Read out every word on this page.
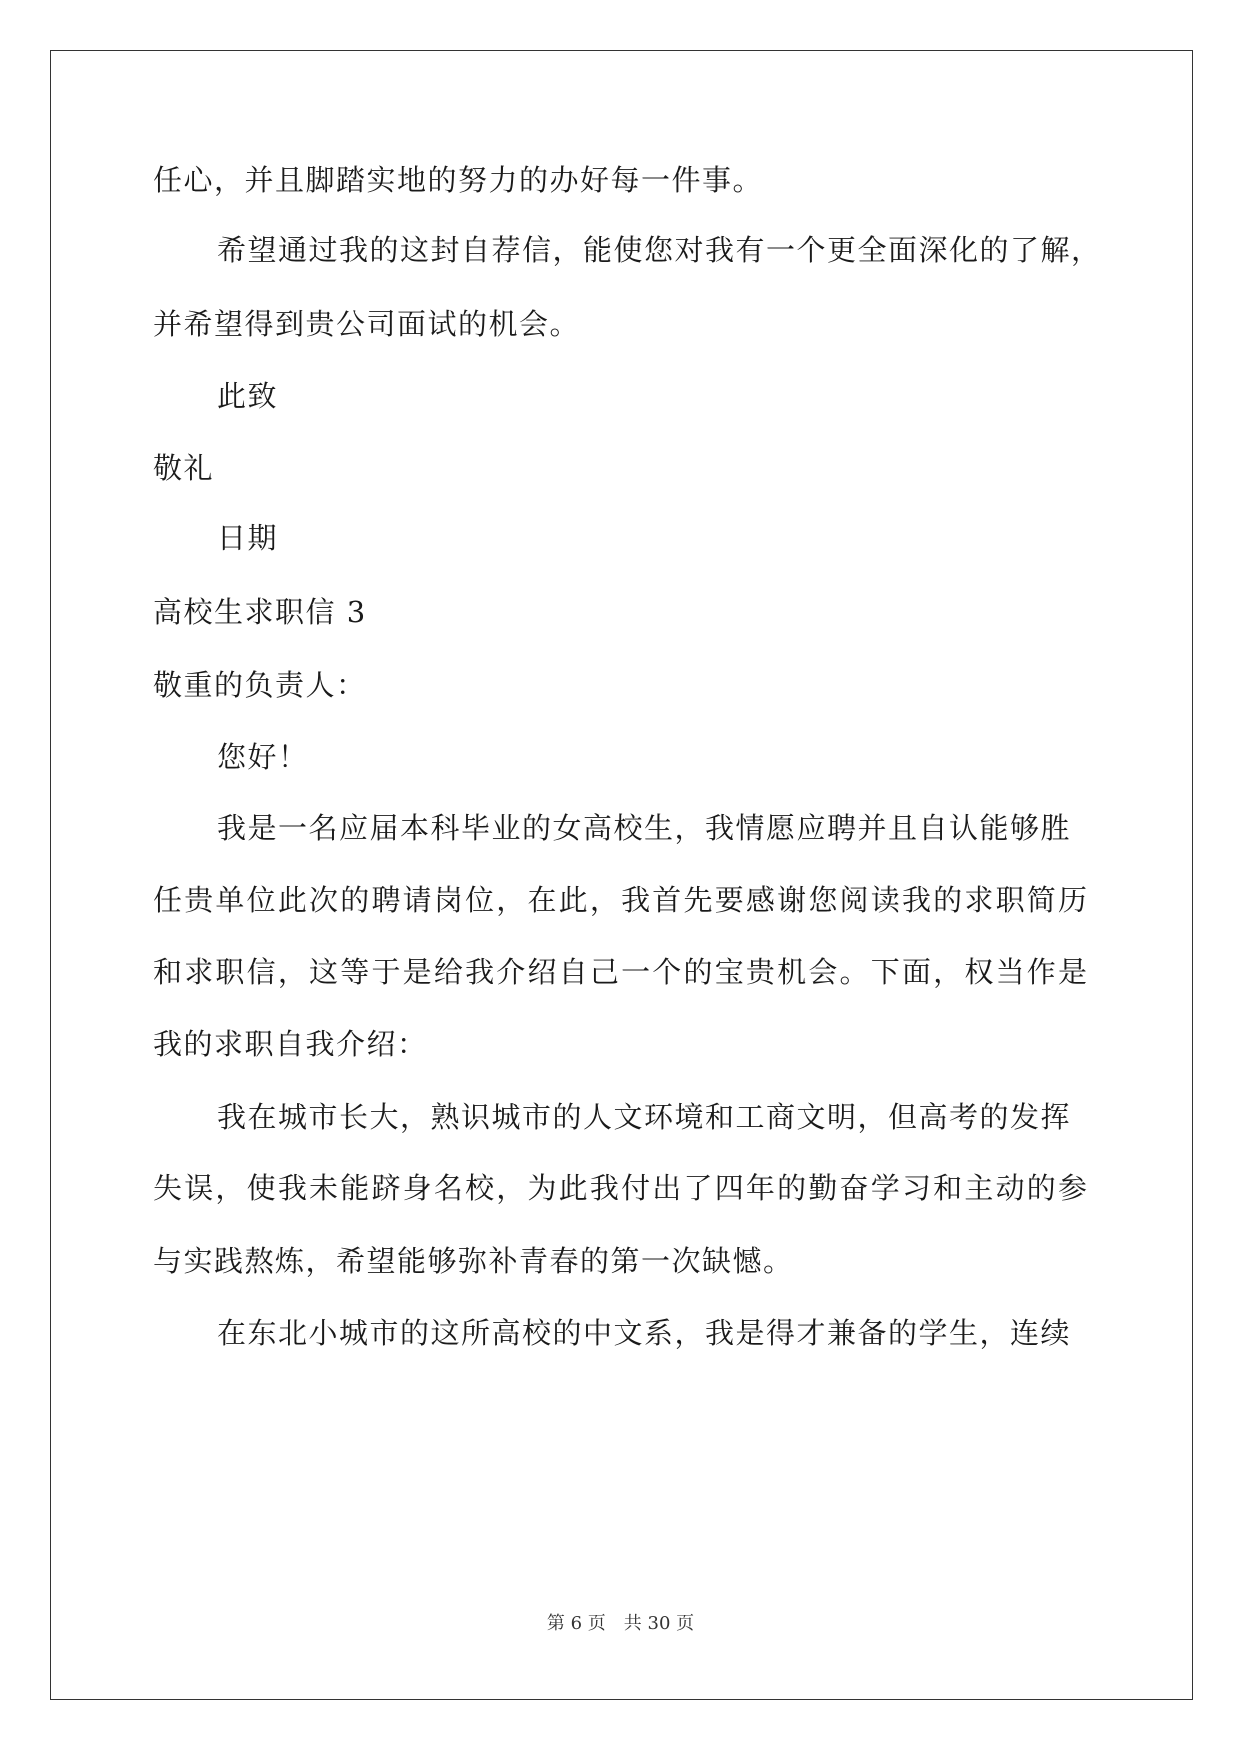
任心，并且脚踏实地的努力的办好每一件事。
希望通过我的这封自荐信，能使您对我有一个更全面深化的了解，
并希望得到贵公司面试的机会。
此致
敬礼
日期
高校生求职信 3
敬重的负责人：
您好！
我是一名应届本科毕业的女高校生，我情愿应聘并且自认能够胜
任贵单位此次的聘请岗位，在此，我首先要感谢您阅读我的求职简历
和求职信，这等于是给我介绍自己一个的宝贵机会。下面，权当作是
我的求职自我介绍：
我在城市长大，熟识城市的人文环境和工商文明，但高考的发挥
失误，使我未能跻身名校，为此我付出了四年的勤奋学习和主动的参
与实践熬炼，希望能够弥补青春的第一次缺憾。
在东北小城市的这所高校的中文系，我是得才兼备的学生，连续
第 6 页 共 30 页
